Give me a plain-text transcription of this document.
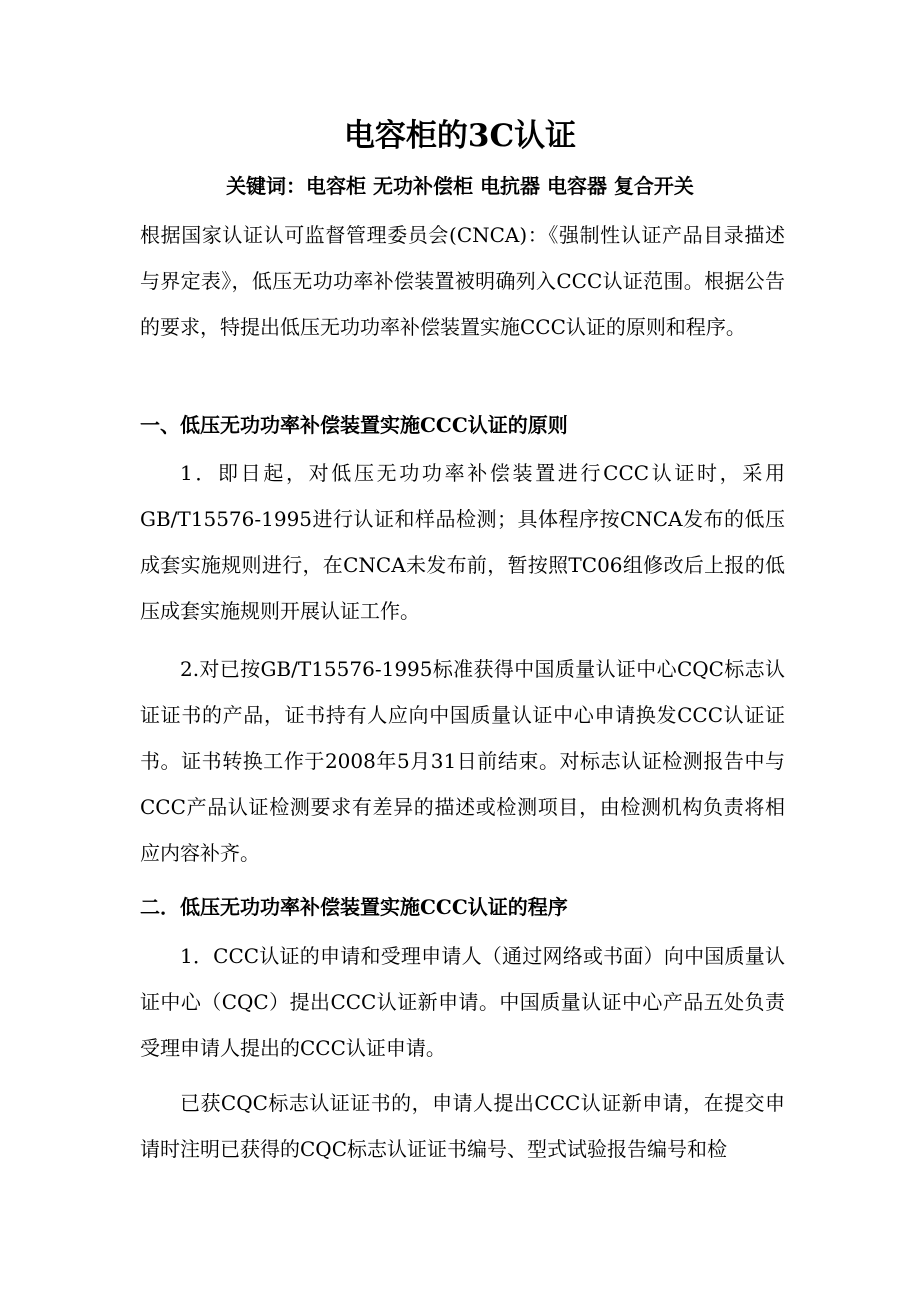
电容柜的3C认证

关键词：电容柜 无功补偿柜 电抗器 电容器 复合开关

根据国家认证认可监督管理委员会(CNCA)：《强制性认证产品目录描述与界定表》，低压无功功率补偿装置被明确列入CCC认证范围。根据公告的要求，特提出低压无功功率补偿装置实施CCC认证的原则和程序。

一、低压无功功率补偿装置实施CCC认证的原则

1．即日起，对低压无功功率补偿装置进行CCC认证时，采用GB/T15576-1995进行认证和样品检测；具体程序按CNCA发布的低压成套实施规则进行，在CNCA未发布前，暂按照TC06组修改后上报的低压成套实施规则开展认证工作。

2.对已按GB/T15576-1995标准获得中国质量认证中心CQC标志认证证书的产品，证书持有人应向中国质量认证中心申请换发CCC认证证书。证书转换工作于2008年5月31日前结束。对标志认证检测报告中与CCC产品认证检测要求有差异的描述或检测项目，由检测机构负责将相应内容补齐。

二．低压无功功率补偿装置实施CCC认证的程序

1．CCC认证的申请和受理申请人（通过网络或书面）向中国质量认证中心（CQC）提出CCC认证新申请。中国质量认证中心产品五处负责受理申请人提出的CCC认证申请。

已获CQC标志认证证书的，申请人提出CCC认证新申请，在提交申请时注明已获得的CQC标志认证证书编号、型式试验报告编号和检
